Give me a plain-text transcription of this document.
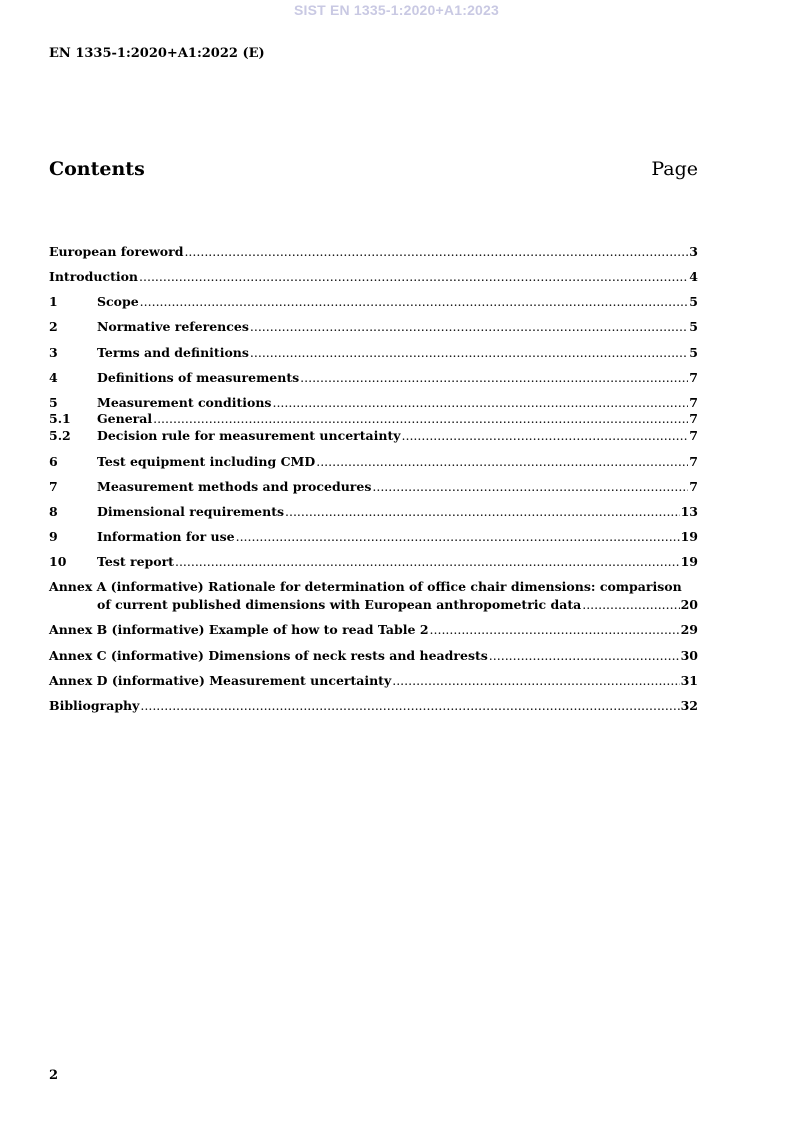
SIST EN 1335-1:2020+A1:2023
EN 1335-1:2020+A1:2022 (E)
Contents	Page
European foreword .....	3
Introduction .....	4
1	Scope .....	5
2	Normative references .....	5
3	Terms and definitions .....	5
4	Definitions of measurements .....	7
5	Measurement conditions .....	7
5.1	General .....	7
5.2	Decision rule for measurement uncertainty .....	7
6	Test equipment including CMD .....	7
7	Measurement methods and procedures .....	7
8	Dimensional requirements .....	13
9	Information for use .....	19
10	Test report .....	19
Annex A (informative) Rationale for determination of office chair dimensions: comparison
of current published dimensions with European anthropometric data .....	20
Annex B (informative) Example of how to read Table 2 .....	29
Annex C (informative) Dimensions of neck rests and headrests .....	30
Annex D (informative) Measurement uncertainty .....	31
Bibliography .....	32
2
